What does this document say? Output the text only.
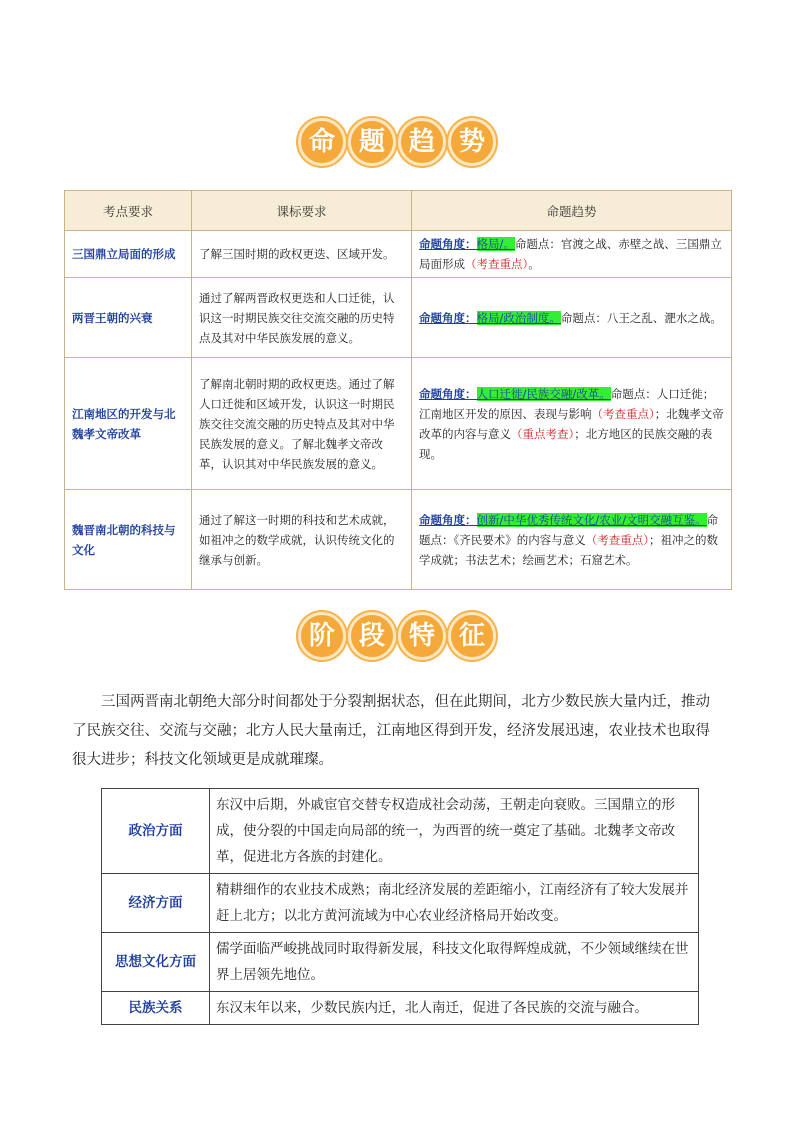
命 题 趋 势
考点要求	课标要求	命题趋势
三国鼎立局面的形成	了解三国时期的政权更迭、区域开发。	命题角度：格局/。命题点：官渡之战、赤壁之战、三国鼎立局面形成（考查重点）。
两晋王朝的兴衰	通过了解两晋政权更迭和人口迁徙，认识这一时期民族交往交流交融的历史特点及其对中华民族发展的意义。	命题角度：格局/政治制度。命题点：八王之乱、淝水之战。
江南地区的开发与北魏孝文帝改革	了解南北朝时期的政权更迭。通过了解人口迁徙和区域开发，认识这一时期民族交往交流交融的历史特点及其对中华民族发展的意义。了解北魏孝文帝改革，认识其对中华民族发展的意义。	命题角度：人口迁徙/民族交融/改革。命题点：人口迁徙；江南地区开发的原因、表现与影响（考查重点）；北魏孝文帝改革的内容与意义（重点考查）；北方地区的民族交融的表现。
魏晋南北朝的科技与文化	通过了解这一时期的科技和艺术成就，如祖冲之的数学成就，认识传统文化的继承与创新。	命题角度：创新/中华优秀传统文化/农业/文明交融互鉴。命题点：《齐民要术》的内容与意义（考查重点）；祖冲之的数学成就；书法艺术；绘画艺术；石窟艺术。
阶 段 特 征
三国两晋南北朝绝大部分时间都处于分裂割据状态，但在此期间，北方少数民族大量内迁，推动了民族交往、交流与交融；北方人民大量南迁，江南地区得到开发，经济发展迅速，农业技术也取得很大进步；科技文化领域更是成就璀璨。
政治方面	东汉中后期，外戚宦官交替专权造成社会动荡，王朝走向衰败。三国鼎立的形成，使分裂的中国走向局部的统一，为西晋的统一奠定了基础。北魏孝文帝改革，促进北方各族的封建化。
经济方面	精耕细作的农业技术成熟；南北经济发展的差距缩小，江南经济有了较大发展并赶上北方；以北方黄河流域为中心农业经济格局开始改变。
思想文化方面	儒学面临严峻挑战同时取得新发展，科技文化取得辉煌成就，不少领域继续在世界上居领先地位。
民族关系	东汉末年以来，少数民族内迁，北人南迁，促进了各民族的交流与融合。
